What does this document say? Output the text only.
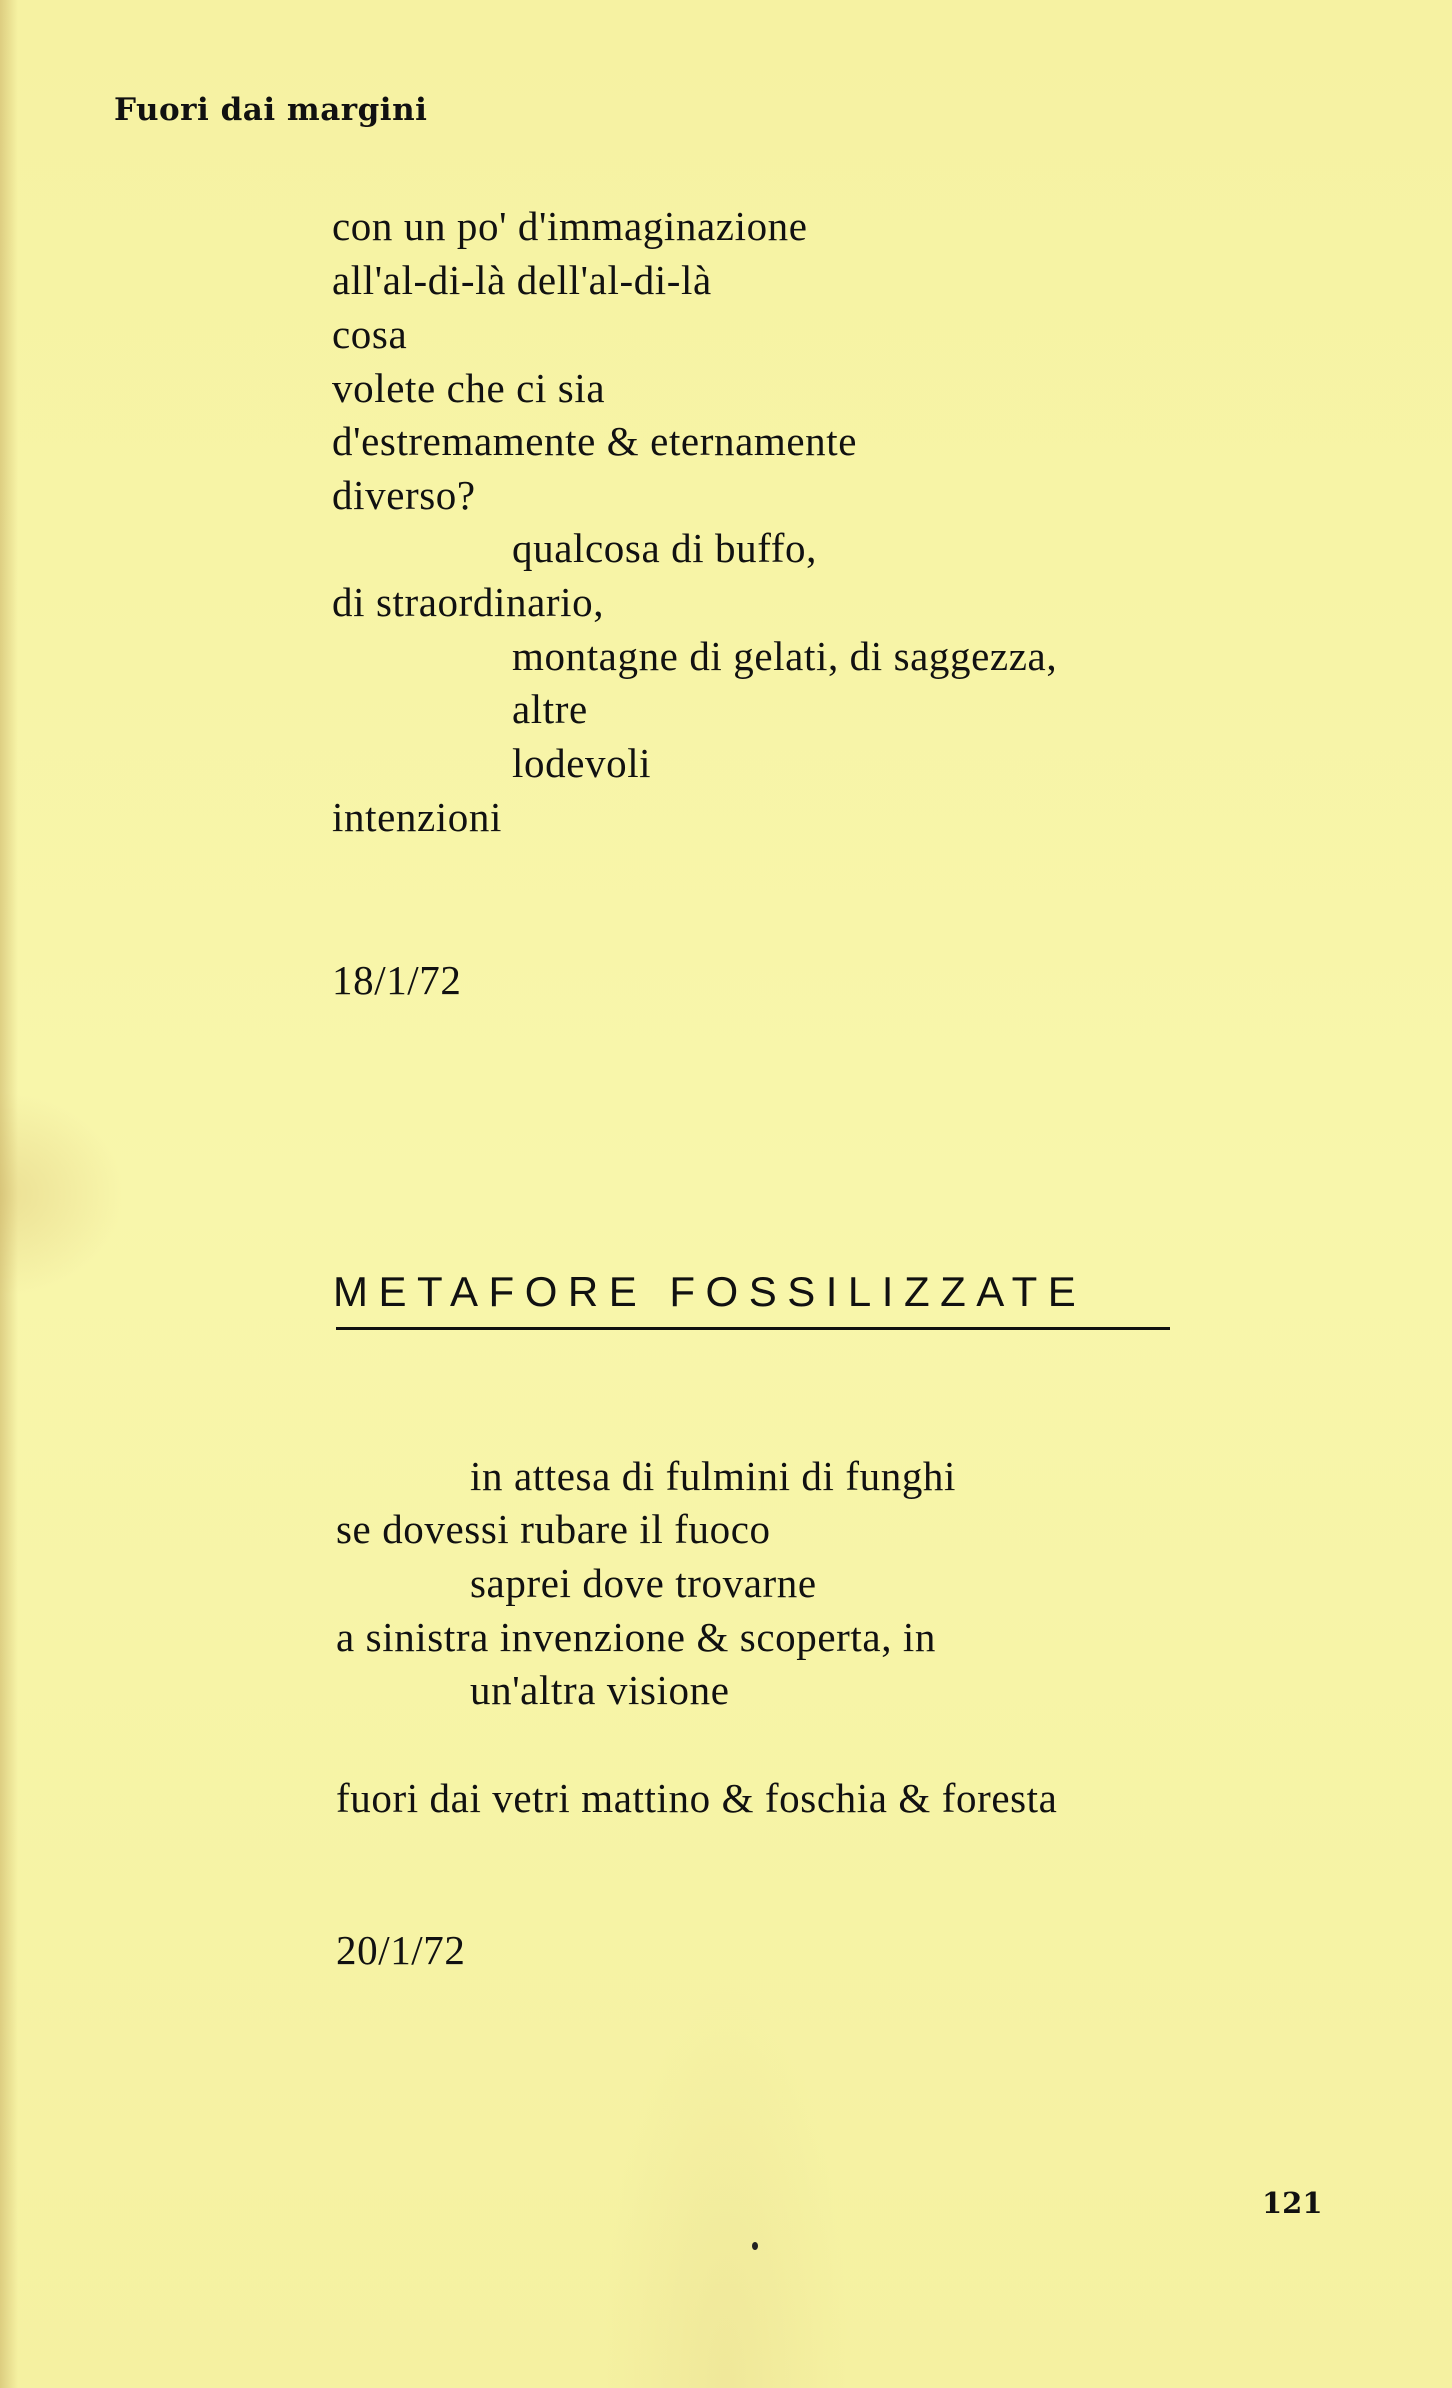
Fuori dai margini
con un po' d'immaginazione
all'al-di-là dell'al-di-là
cosa
volete che ci sia
d'estremamente & eternamente
diverso?
qualcosa di buffo,
di straordinario,
montagne di gelati, di saggezza,
altre
lodevoli
intenzioni
18/1/72
METAFORE FOSSILIZZATE
in attesa di fulmini di funghi
se dovessi rubare il fuoco
saprei dove trovarne
a sinistra invenzione & scoperta, in
un'altra visione
fuori dai vetri mattino & foschia & foresta
20/1/72
121
